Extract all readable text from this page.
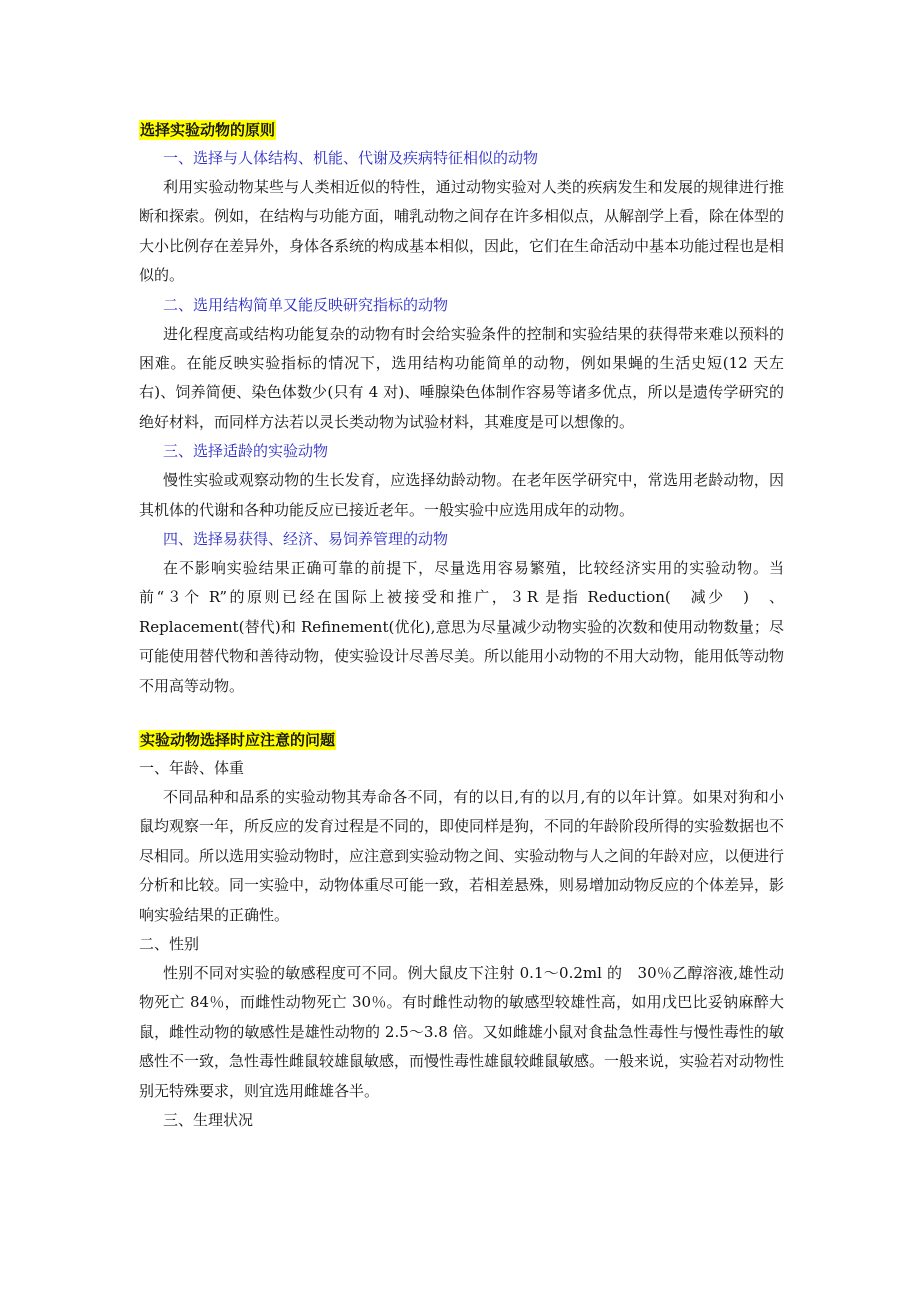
选择实验动物的原则
一、选择与人体结构、机能、代谢及疾病特征相似的动物

利用实验动物某些与人类相近似的特性，通过动物实验对人类的疾病发生和发展的规律进行推断和探索。例如，在结构与功能方面，哺乳动物之间存在许多相似点，从解剖学上看，除在体型的大小比例存在差异外，身体各系统的构成基本相似，因此，它们在生命活动中基本功能过程也是相似的。

二、选用结构简单又能反映研究指标的动物

进化程度高或结构功能复杂的动物有时会给实验条件的控制和实验结果的获得带来难以预料的困难。在能反映实验指标的情况下，选用结构功能简单的动物，例如果蝇的生活史短(12 天左右)、饲养简便、染色体数少(只有 4 对)、唾腺染色体制作容易等诸多优点，所以是遗传学研究的绝好材料，而同样方法若以灵长类动物为试验材料，其难度是可以想像的。

三、选择适龄的实验动物

慢性实验或观察动物的生长发育，应选择幼龄动物。在老年医学研究中，常选用老龄动物，因其机体的代谢和各种功能反应已接近老年。一般实验中应选用成年的动物。

四、选择易获得、经济、易饲养管理的动物

在不影响实验结果正确可靠的前提下，尽量选用容易繁殖，比较经济实用的实验动物。当前“３个 R”的原则已经在国际上被接受和推广，３R 是指 Reduction(　减少　)　、Replacement(替代)和 Refinement(优化),意思为尽量减少动物实验的次数和使用动物数量；尽可能使用替代物和善待动物，使实验设计尽善尽美。所以能用小动物的不用大动物，能用低等动物不用高等动物。

实验动物选择时应注意的问题
一、年龄、体重

不同品种和品系的实验动物其寿命各不同，有的以日,有的以月,有的以年计算。如果对狗和小鼠均观察一年，所反应的发育过程是不同的，即使同样是狗，不同的年龄阶段所得的实验数据也不尽相同。所以选用实验动物时，应注意到实验动物之间、实验动物与人之间的年龄对应，以便进行分析和比较。同一实验中，动物体重尽可能一致，若相差悬殊，则易增加动物反应的个体差异，影响实验结果的正确性。

二、性别

性别不同对实验的敏感程度可不同。例大鼠皮下注射 0.1～0.2ml 的　30％乙醇溶液,雄性动物死亡 84％，而雌性动物死亡 30％。有时雌性动物的敏感型较雄性高，如用戊巴比妥钠麻醉大鼠，雌性动物的敏感性是雄性动物的 2.5～3.8 倍。又如雌雄小鼠对食盐急性毒性与慢性毒性的敏感性不一致，急性毒性雌鼠较雄鼠敏感，而慢性毒性雄鼠较雌鼠敏感。一般来说，实验若对动物性别无特殊要求，则宜选用雌雄各半。

三、生理状况
